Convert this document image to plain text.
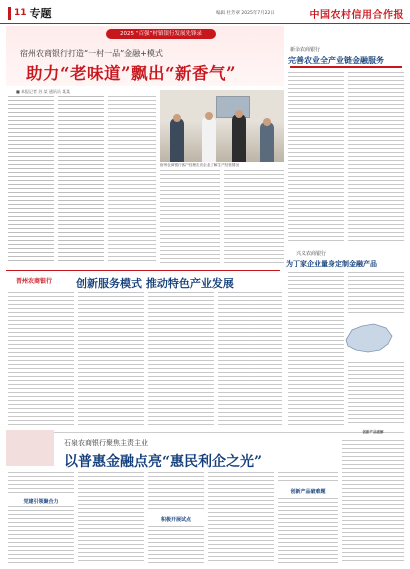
11 专题	编辑 杜芳翠 2025年7月22日	中国农村信用合作报
2025 “百强”村镇银行发展先锋录
宿州农商银行打造“一村一品”金融+模式
助力“老味道”飘出“新香气”
■ 本报记者 苏 某 通讯员 某某
宿州农商银行客户经理走访企业了解生产经营情况
新余农商银行
完善农业全产业链金融服务
兴义农商银行
为丁家企业量身定制金融产品
晋州农商银行 创新服务模式 推动特色产业发展
石泉农商银行聚焦主责主业
以普惠金融点亮“惠民利企之光”
党建引领聚合力
积极开展试点
创新产品破难题
创新产品破解
